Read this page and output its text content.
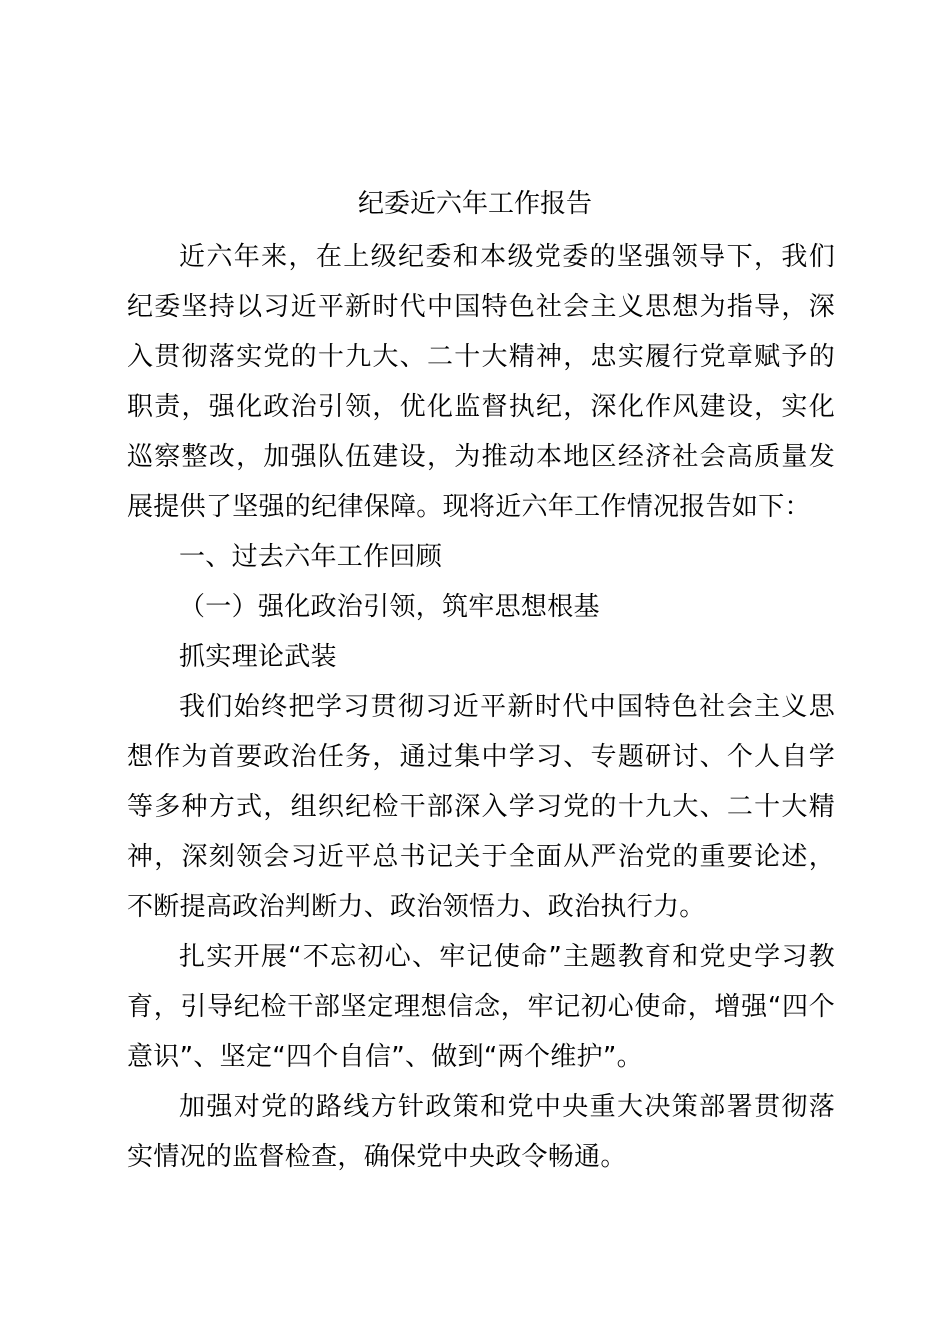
纪委近六年工作报告

近六年来，在上级纪委和本级党委的坚强领导下，我们纪委坚持以习近平新时代中国特色社会主义思想为指导，深入贯彻落实党的十九大、二十大精神，忠实履行党章赋予的职责，强化政治引领，优化监督执纪，深化作风建设，实化巡察整改，加强队伍建设，为推动本地区经济社会高质量发展提供了坚强的纪律保障。现将近六年工作情况报告如下：

一、过去六年工作回顾

（一）强化政治引领，筑牢思想根基

抓实理论武装

我们始终把学习贯彻习近平新时代中国特色社会主义思想作为首要政治任务，通过集中学习、专题研讨、个人自学等多种方式，组织纪检干部深入学习党的十九大、二十大精神，深刻领会习近平总书记关于全面从严治党的重要论述，不断提高政治判断力、政治领悟力、政治执行力。

扎实开展“不忘初心、牢记使命”主题教育和党史学习教育，引导纪检干部坚定理想信念，牢记初心使命，增强“四个意识”、坚定“四个自信”、做到“两个维护”。

加强对党的路线方针政策和党中央重大决策部署贯彻落实情况的监督检查，确保党中央政令畅通。
